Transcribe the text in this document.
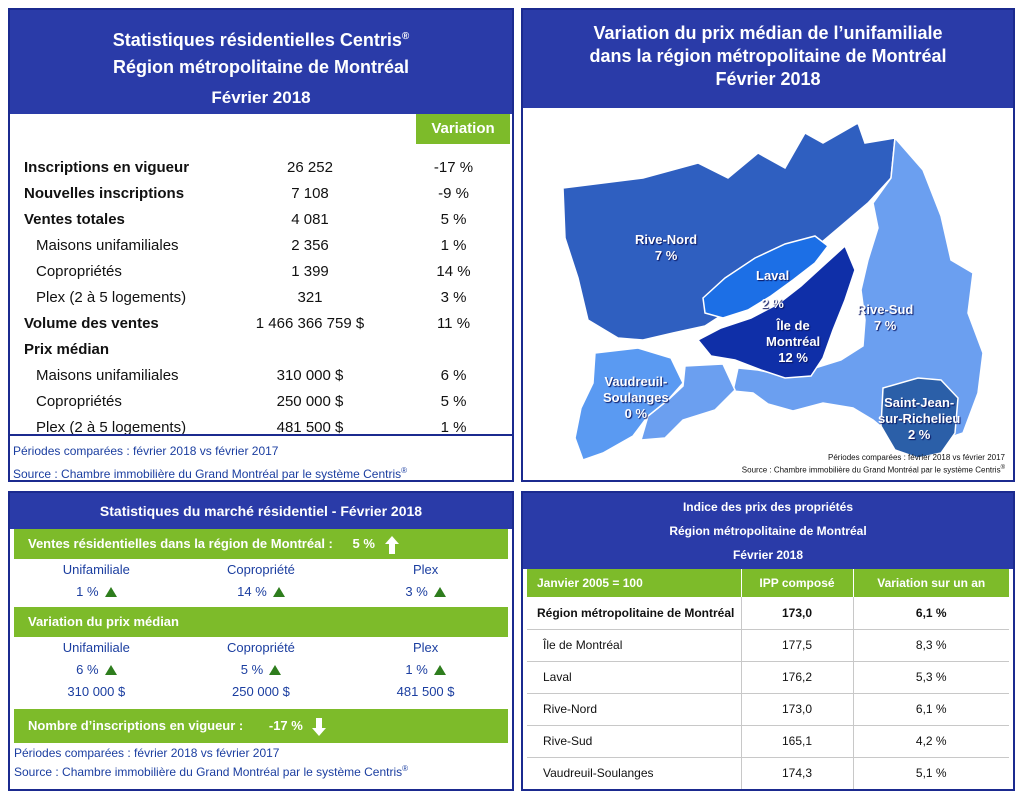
Statistiques résidentielles Centris®
Région métropolitaine de Montréal
Février 2018
Variation
Inscriptions en vigueur	26 252	-17 %
Nouvelles inscriptions	7 108	-9 %
Ventes totales	4 081	5 %
Maisons unifamiliales	2 356	1 %
Copropriétés	1 399	14 %
Plex (2 à 5 logements)	321	3 %
Volume des ventes	1 466 366 759 $	11 %
Prix médian		
Maisons unifamiliales	310 000 $	6 %
Copropriétés	250 000 $	5 %
Plex (2 à 5 logements)	481 500 $	1 %
Périodes comparées : février 2018 vs février 2017
Source : Chambre immobilière du Grand Montréal par le système Centris®
Variation du prix médian de l’unifamiliale
dans la région métropolitaine de Montréal
Février 2018
Rive-Nord
7 %
Laval
2 %
Île de
Montréal
12 %
Rive-Sud
7 %
Vaudreuil-
Soulanges
0 %
Saint-Jean-
sur-Richelieu
2 %
Périodes comparées : février 2018 vs février 2017
Source : Chambre immobilière du Grand Montréal par le système Centris®
Statistiques du marché résidentiel - Février 2018
Ventes résidentielles dans la région de Montréal : 5 %
Unifamiliale
1 %
Copropriété
14 %
Plex
3 %
Variation du prix médian
Unifamiliale
6 %
310 000 $
Copropriété
5 %
250 000 $
Plex
1 %
481 500 $
Nombre d’inscriptions en vigueur : -17 %
Périodes comparées : février 2018 vs février 2017
Source : Chambre immobilière du Grand Montréal par le système Centris®
Indice des prix des propriétés
Région métropolitaine de Montréal
Février 2018
Janvier 2005 = 100	IPP composé	Variation sur un an
Région métropolitaine de Montréal	173,0	6,1 %
Île de Montréal	177,5	8,3 %
Laval	176,2	5,3 %
Rive-Nord	173,0	6,1 %
Rive-Sud	165,1	4,2 %
Vaudreuil-Soulanges	174,3	5,1 %
